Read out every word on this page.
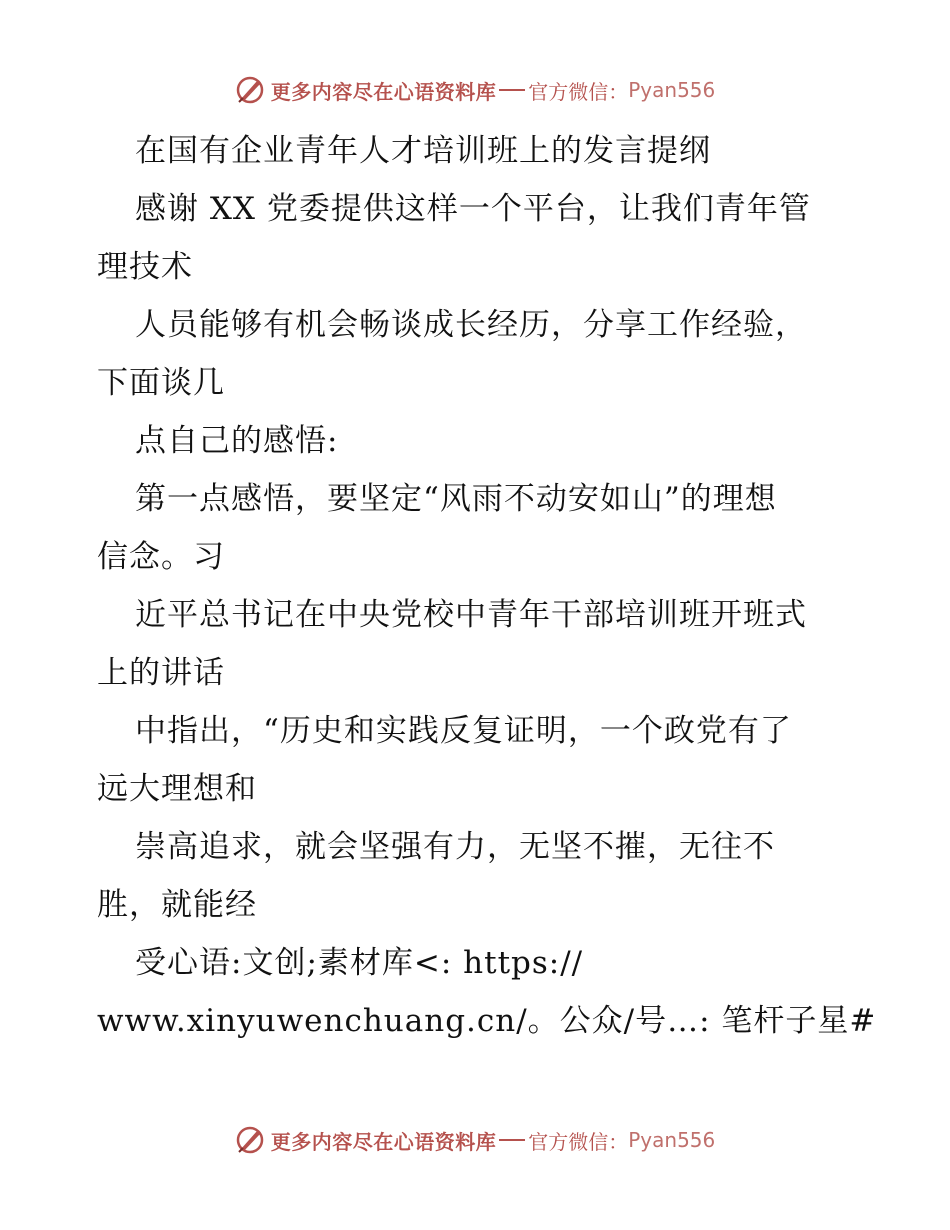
更多内容尽在心语资料库 官方微信： Pyan556
在国有企业青年人才培训班上的发言提纲
感谢 XX 党委提供这样一个平台，让我们青年管
理技术
人员能够有机会畅谈成长经历，分享工作经验，
下面谈几
点自己的感悟:
第一点感悟，要坚定“风雨不动安如山”的理想
信念。习
近平总书记在中央党校中青年干部培训班开班式
上的讲话
中指出，“历史和实践反复证明，一个政党有了
远大理想和
崇高追求，就会坚强有力，无坚不摧，无往不
胜，就能经
受心语:文创;素材库<: https://
www.xinyuwenchuang.cn/。公众/号…: 笔杆子星#
更多内容尽在心语资料库 官方微信： Pyan556
